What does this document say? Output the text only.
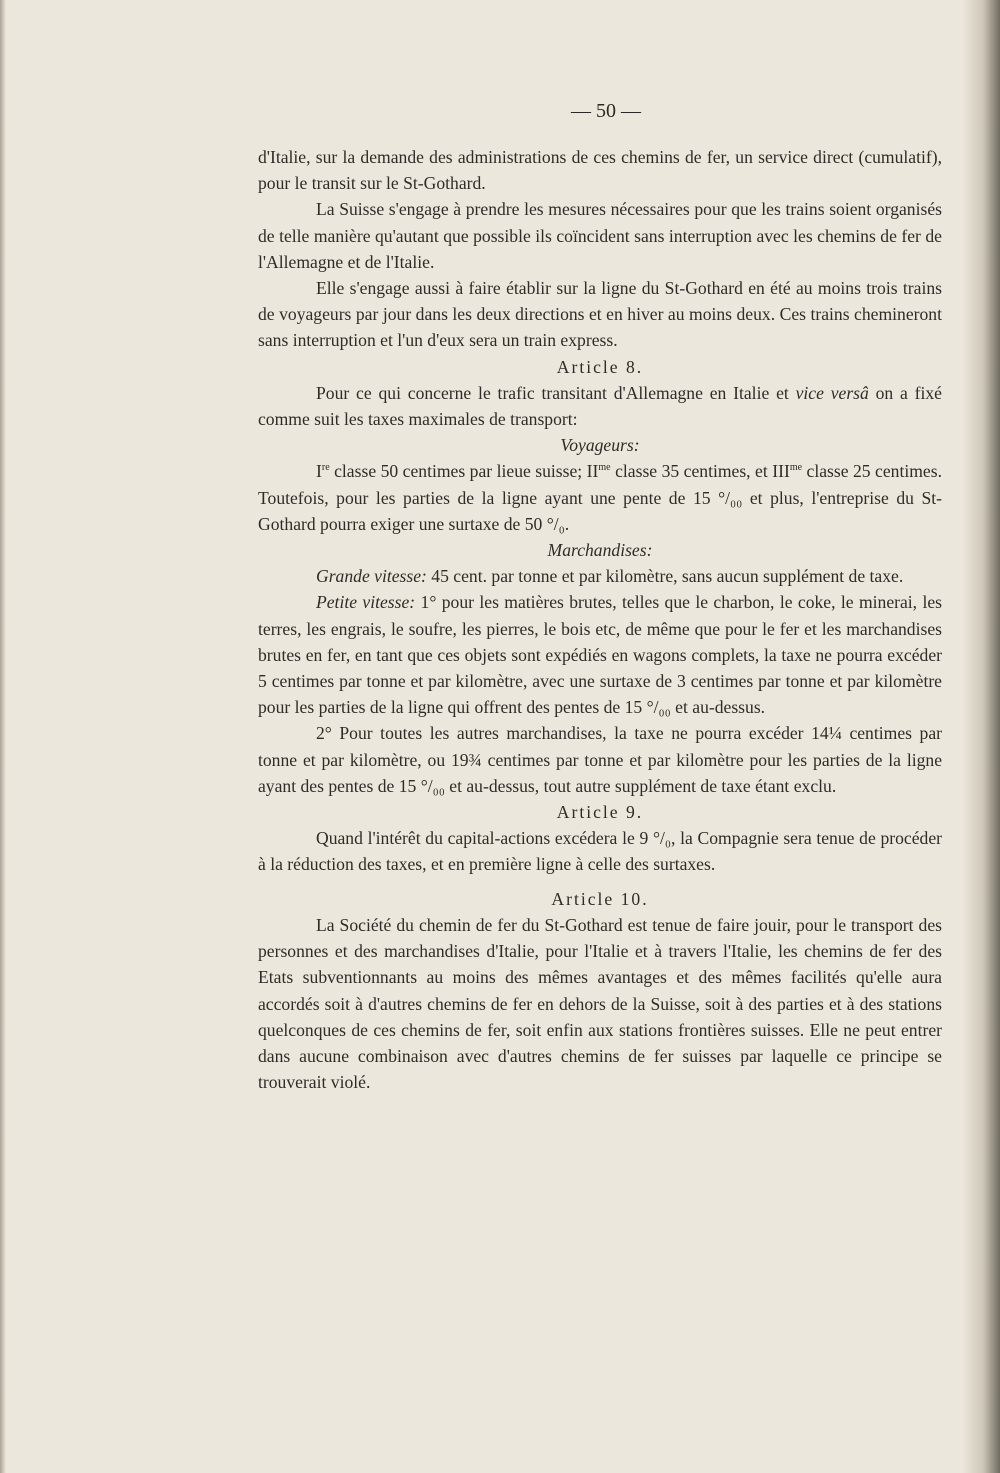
— 50 —

d'Italie, sur la demande des administrations de ces chemins de fer, un service direct (cumulatif), pour le transit sur le St-Gothard.

La Suisse s'engage à prendre les mesures nécessaires pour que les trains soient organisés de telle manière qu'autant que possible ils coïncident sans interruption avec les chemins de fer de l'Allemagne et de l'Italie.

Elle s'engage aussi à faire établir sur la ligne du St-Gothard en été au moins trois trains de voyageurs par jour dans les deux directions et en hiver au moins deux. Ces trains chemineront sans interruption et l'un d'eux sera un train express.

Article 8.

Pour ce qui concerne le trafic transitant d'Allemagne en Italie et vice versâ on a fixé comme suit les taxes maximales de transport:

Voyageurs:

Ire classe 50 centimes par lieue suisse; $II^{me}$ classe 35 centimes, et $III^{me}$ classe 25 centimes. Toutefois, pour les parties de la ligne ayant une pente de 15 °/₀₀ et plus, l'entreprise du St-Gothard pourra exiger une surtaxe de 50 °/₀.

Marchandises:

Grande vitesse: 45 cent. par tonne et par kilomètre, sans aucun supplément de taxe.

Petite vitesse: 1° pour les matières brutes, telles que le charbon, le coke, le minerai, les terres, les engrais, le soufre, les pierres, le bois etc, de même que pour le fer et les marchandises brutes en fer, en tant que ces objets sont expédiés en wagons complets, la taxe ne pourra excéder 5 centimes par tonne et par kilomètre, avec une surtaxe de 3 centimes par tonne et par kilomètre pour les parties de la ligne qui offrent des pentes de 15 °/₀₀ et au-dessus.

2° Pour toutes les autres marchandises, la taxe ne pourra excéder 14¼ centimes par tonne et par kilomètre, ou 19¾ centimes par tonne et par kilomètre pour les parties de la ligne ayant des pentes de 15 °/₀₀ et au-dessus, tout autre supplément de taxe étant exclu.

Article 9.

Quand l'intérêt du capital-actions excédera le 9 °/₀, la Compagnie sera tenue de procéder à la réduction des taxes, et en première ligne à celle des surtaxes.

Article 10.

La Société du chemin de fer du St-Gothard est tenue de faire jouir, pour le transport des personnes et des marchandises d'Italie, pour l'Italie et à travers l'Italie, les chemins de fer des Etats subventionnants au moins des mêmes avantages et des mêmes facilités qu'elle aura accordés soit à d'autres chemins de fer en dehors de la Suisse, soit à des parties et à des stations quelconques de ces chemins de fer, soit enfin aux stations frontières suisses. Elle ne peut entrer dans aucune combinaison avec d'autres chemins de fer suisses par laquelle ce principe se trouverait violé.
